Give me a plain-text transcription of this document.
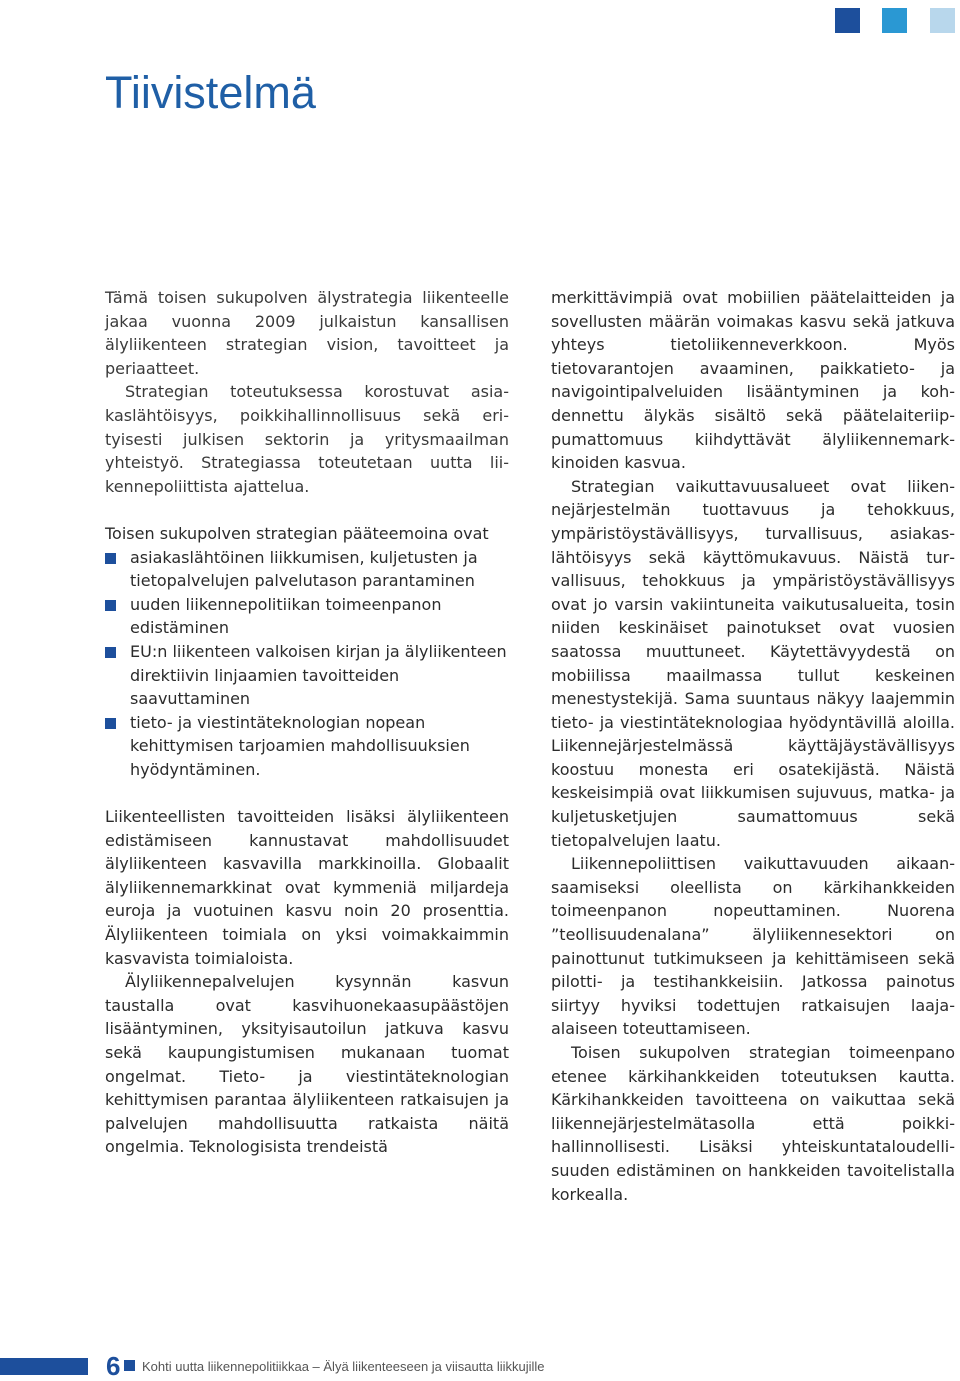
Tiivistelmä

Tämä toisen sukupolven älystrategia liikenteelle jakaa vuonna 2009 julkaistun kansallisen älyliikenteen strategian vision, tavoitteet ja periaatteet.

Strategian toteutuksessa korostuvat asiakaslähtöisyys, poikkihallinnollisuus sekä erityisesti julkisen sektorin ja yritysmaailman yhteistyö. Strategiassa toteutetaan uutta liikennepoliittista ajattelua.

Toisen sukupolven strategian pääteemoina ovat

asiakaslähtöinen liikkumisen, kuljetusten ja tietopalvelujen palvelutason parantaminen
uuden liikennepolitiikan toimeenpanon edistäminen
EU:n liikenteen valkoisen kirjan ja älyliikenteen direktiivin linjaamien tavoitteiden saavuttaminen
tieto- ja viestintäteknologian nopean kehittymisen tarjoamien mahdollisuuksien hyödyntäminen.

Liikenteellisten tavoitteiden lisäksi älyliikenteen edistämiseen kannustavat mahdollisuudet älyliikenteen kasvavilla markkinoilla. Globaalit älyliikennemarkkinat ovat kymmeniä miljardeja euroja ja vuotuinen kasvu noin 20 prosenttia. Älyliikenteen toimiala on yksi voimakkaimmin kasvavista toimialoista.

Älyliikennepalvelujen kysynnän kasvun taustalla ovat kasvihuonekaasupäästöjen lisääntyminen, yksityisautoilun jatkuva kasvu sekä kaupungistumisen mukanaan tuomat ongelmat. Tieto- ja viestintäteknologian kehittymisen parantaa älyliikenteen ratkaisujen ja palvelujen mahdollisuutta ratkaista näitä ongelmia. Teknologisista trendeistä

merkittävimpiä ovat mobiilien päätelaitteiden ja sovellusten määrän voimakas kasvu sekä jatkuva yhteys tietoliikenneverkkoon. Myös tietovarantojen avaaminen, paikkatieto- ja navigointipalveluiden lisääntyminen ja kohdennettu älykäs sisältö sekä päätelaiteriippumattomuus kiihdyttävät älyliikennemarkkinoiden kasvua.

Strategian vaikuttavuusalueet ovat liikennejärjestelmän tuottavuus ja tehokkuus, ympäristöystävällisyys, turvallisuus, asiakaslähtöisyys sekä käyttömukavuus. Näistä turvallisuus, tehokkuus ja ympäristöystävällisyys ovat jo varsin vakiintuneita vaikutusalueita, tosin niiden keskinäiset painotukset ovat vuosien saatossa muuttuneet. Käytettävyydestä on mobiilissa maailmassa tullut keskeinen menestystekijä. Sama suuntaus näkyy laajemmin tieto- ja viestintäteknologiaa hyödyntävillä aloilla. Liikennejärjestelmässä käyttäjäystävällisyys koostuu monesta eri osatekijästä. Näistä keskeisimpiä ovat liikkumisen sujuvuus, matka- ja kuljetusketjujen saumattomuus sekä tietopalvelujen laatu.

Liikennepoliittisen vaikuttavuuden aikaansaamiseksi oleellista on kärkihankkeiden toimeenpanon nopeuttaminen. Nuorena ”teollisuudenalana” älyliikennesektori on painottunut tutkimukseen ja kehittämiseen sekä pilotti- ja testihankkeisiin. Jatkossa painotus siirtyy hyviksi todettujen ratkaisujen laaja-alaiseen toteuttamiseen.

Toisen sukupolven strategian toimeenpano etenee kärkihankkeiden toteutuksen kautta. Kärkihankkeiden tavoitteena on vaikuttaa sekä liikennejärjestelmätasolla että poikkihallinnollisesti. Lisäksi yhteiskuntataloudellisuuden edistäminen on hankkeiden tavoitelistalla korkealla.

6 Kohti uutta liikennepolitiikkaa – Älyä liikenteeseen ja viisautta liikkujille
